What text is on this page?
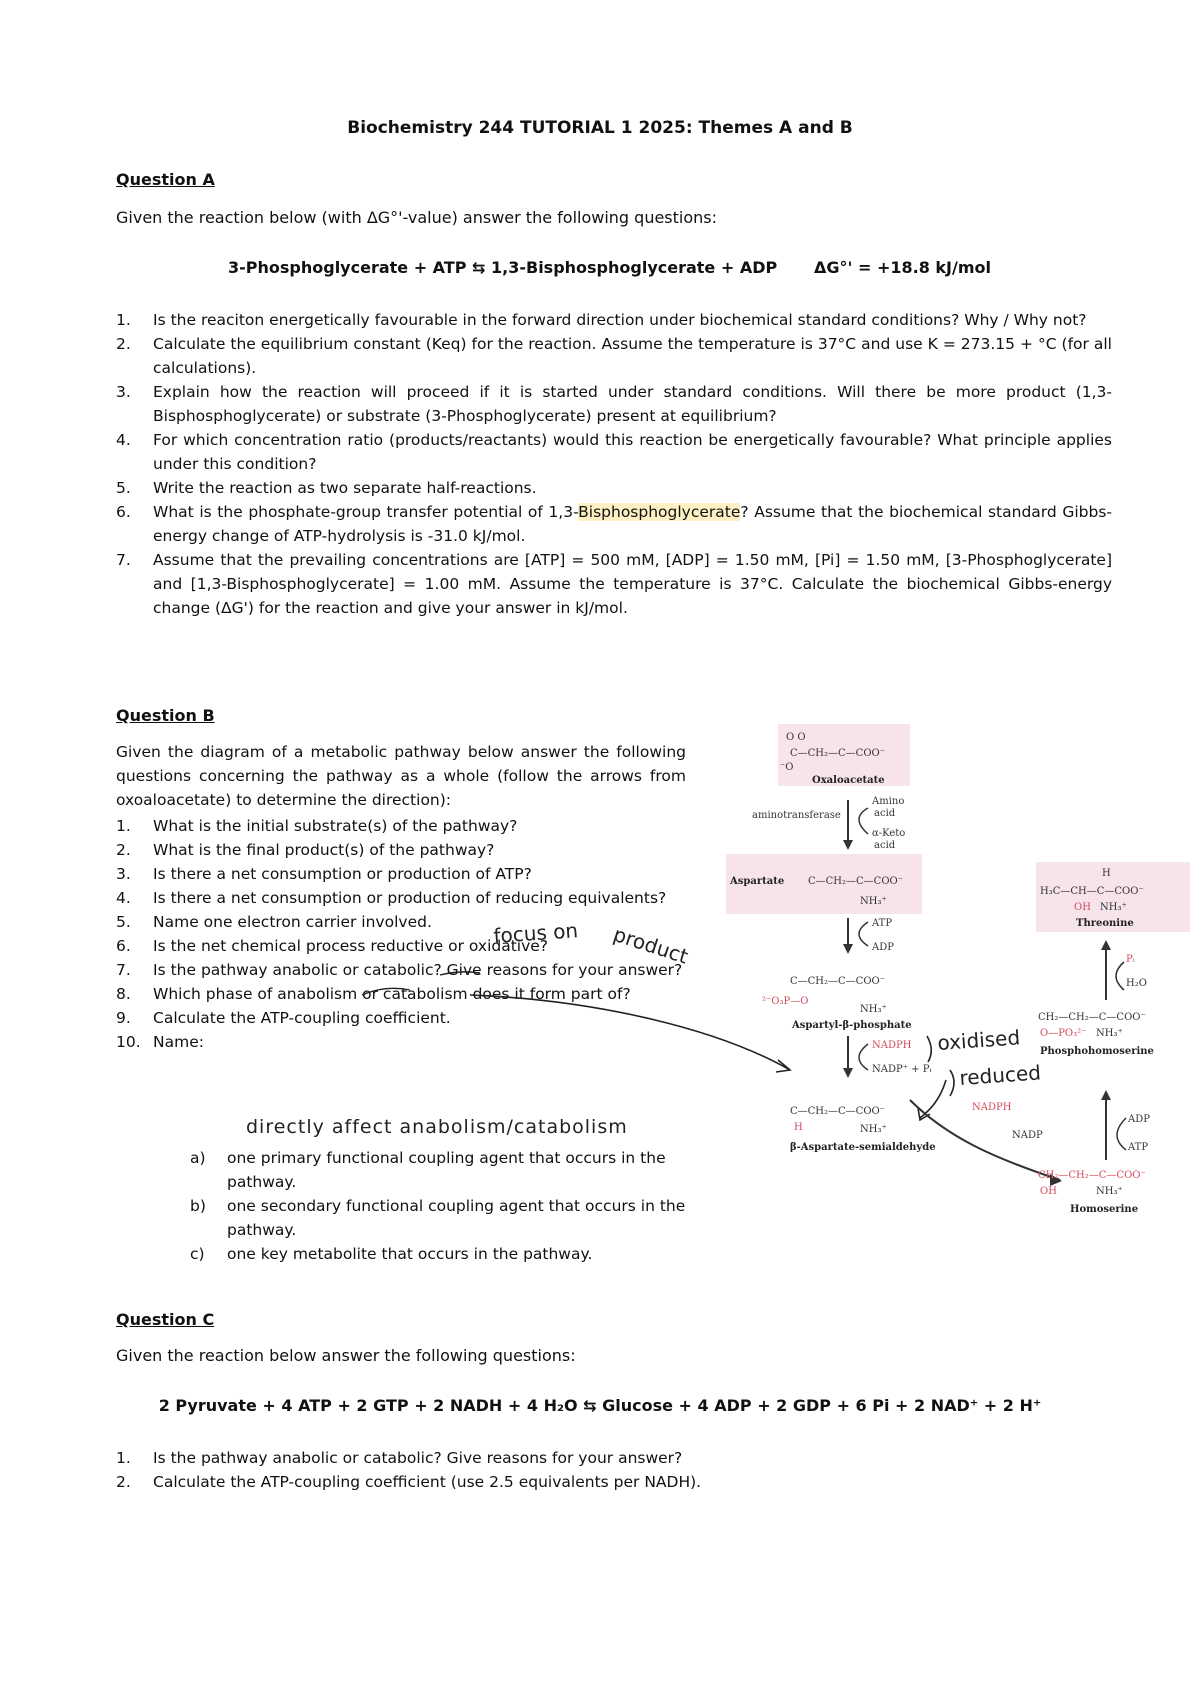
Biochemistry 244 TUTORIAL 1 2025: Themes A and B
Question A
Given the reaction below (with ΔG°'-value) answer the following questions:
3-Phosphoglycerate + ATP ⇆ 1,3-Bisphosphoglycerate + ADP ΔG°' = +18.8 kJ/mol
1. Is the reaciton energetically favourable in the forward direction under biochemical standard conditions? Why / Why not?
2. Calculate the equilibrium constant (Keq) for the reaction. Assume the temperature is 37°C and use K = 273.15 + °C (for all calculations).
3. Explain how the reaction will proceed if it is started under standard conditions. Will there be more product (1,3- Bisphosphoglycerate) or substrate (3-Phosphoglycerate) present at equilibrium?
4. For which concentration ratio (products/reactants) would this reaction be energetically favourable? What principle applies under this condition?
5. Write the reaction as two separate half-reactions.
6. What is the phosphate-group transfer potential of 1,3-Bisphosphoglycerate? Assume that the biochemical standard Gibbs-energy change of ATP-hydrolysis is -31.0 kJ/mol.
7. Assume that the prevailing concentrations are [ATP] = 500 mM, [ADP] = 1.50 mM, [Pi] = 1.50 mM, [3-Phosphoglycerate] and [1,3-Bisphosphoglycerate] = 1.00 mM. Assume the temperature is 37°C. Calculate the biochemical Gibbs-energy change (ΔG') for the reaction and give your answer in kJ/mol.
Question B
Given the diagram of a metabolic pathway below answer the following questions concerning the pathway as a whole (follow the arrows from oxoaloacetate) to determine the direction):
1. What is the initial substrate(s) of the pathway?
2. What is the final product(s) of the pathway?
3. Is there a net consumption or production of ATP?
4. Is there a net consumption or production of reducing equivalents?
5. Name one electron carrier involved.
6. Is the net chemical process reductive or oxidative?
7. Is the pathway anabolic or catabolic? Give reasons for your answer?
8. Which phase of anabolism or catabolism does it form part of?
9. Calculate the ATP-coupling coefficient.
10. Name:
a) one primary functional coupling agent that occurs in the pathway.
b) one secondary functional coupling agent that occurs in the pathway.
c) one key metabolite that occurs in the pathway.
focus on product
directly affect anabolism/catabolism
oxidised
reduced
O O
C—CH₂—C—COO⁻
⁻O
Oxaloacetate
aminotransferase
Amino
acid
α-Keto
acid
Aspartate C—CH₂—C—COO⁻
NH₃⁺
ATP
ADP
C—CH₂—C—COO⁻
²⁻O₃P—O
NH₃⁺
Aspartyl-β-phosphate
NADPH
NADP⁺ + Pᵢ
C—CH₂—C—COO⁻
H	NH₃⁺
β-Aspartate-semialdehyde
NADPH
NADP
CH₂—CH₂—C—COO⁻
OH	NH₃⁺
Homoserine
ADP
ATP
CH₂—CH₂—C—COO⁻
O—PO₃²⁻ NH₃⁺
Phosphohomoserine
Pᵢ
H₂O
H
H₃C—CH—C—COO⁻
OH NH₃⁺
Threonine
Question C
Given the reaction below answer the following questions:
2 Pyruvate + 4 ATP + 2 GTP + 2 NADH + 4 H₂O ⇆ Glucose + 4 ADP + 2 GDP + 6 Pi + 2 NAD⁺ + 2 H⁺
1. Is the pathway anabolic or catabolic? Give reasons for your answer?
2. Calculate the ATP-coupling coefficient (use 2.5 equivalents per NADH).
